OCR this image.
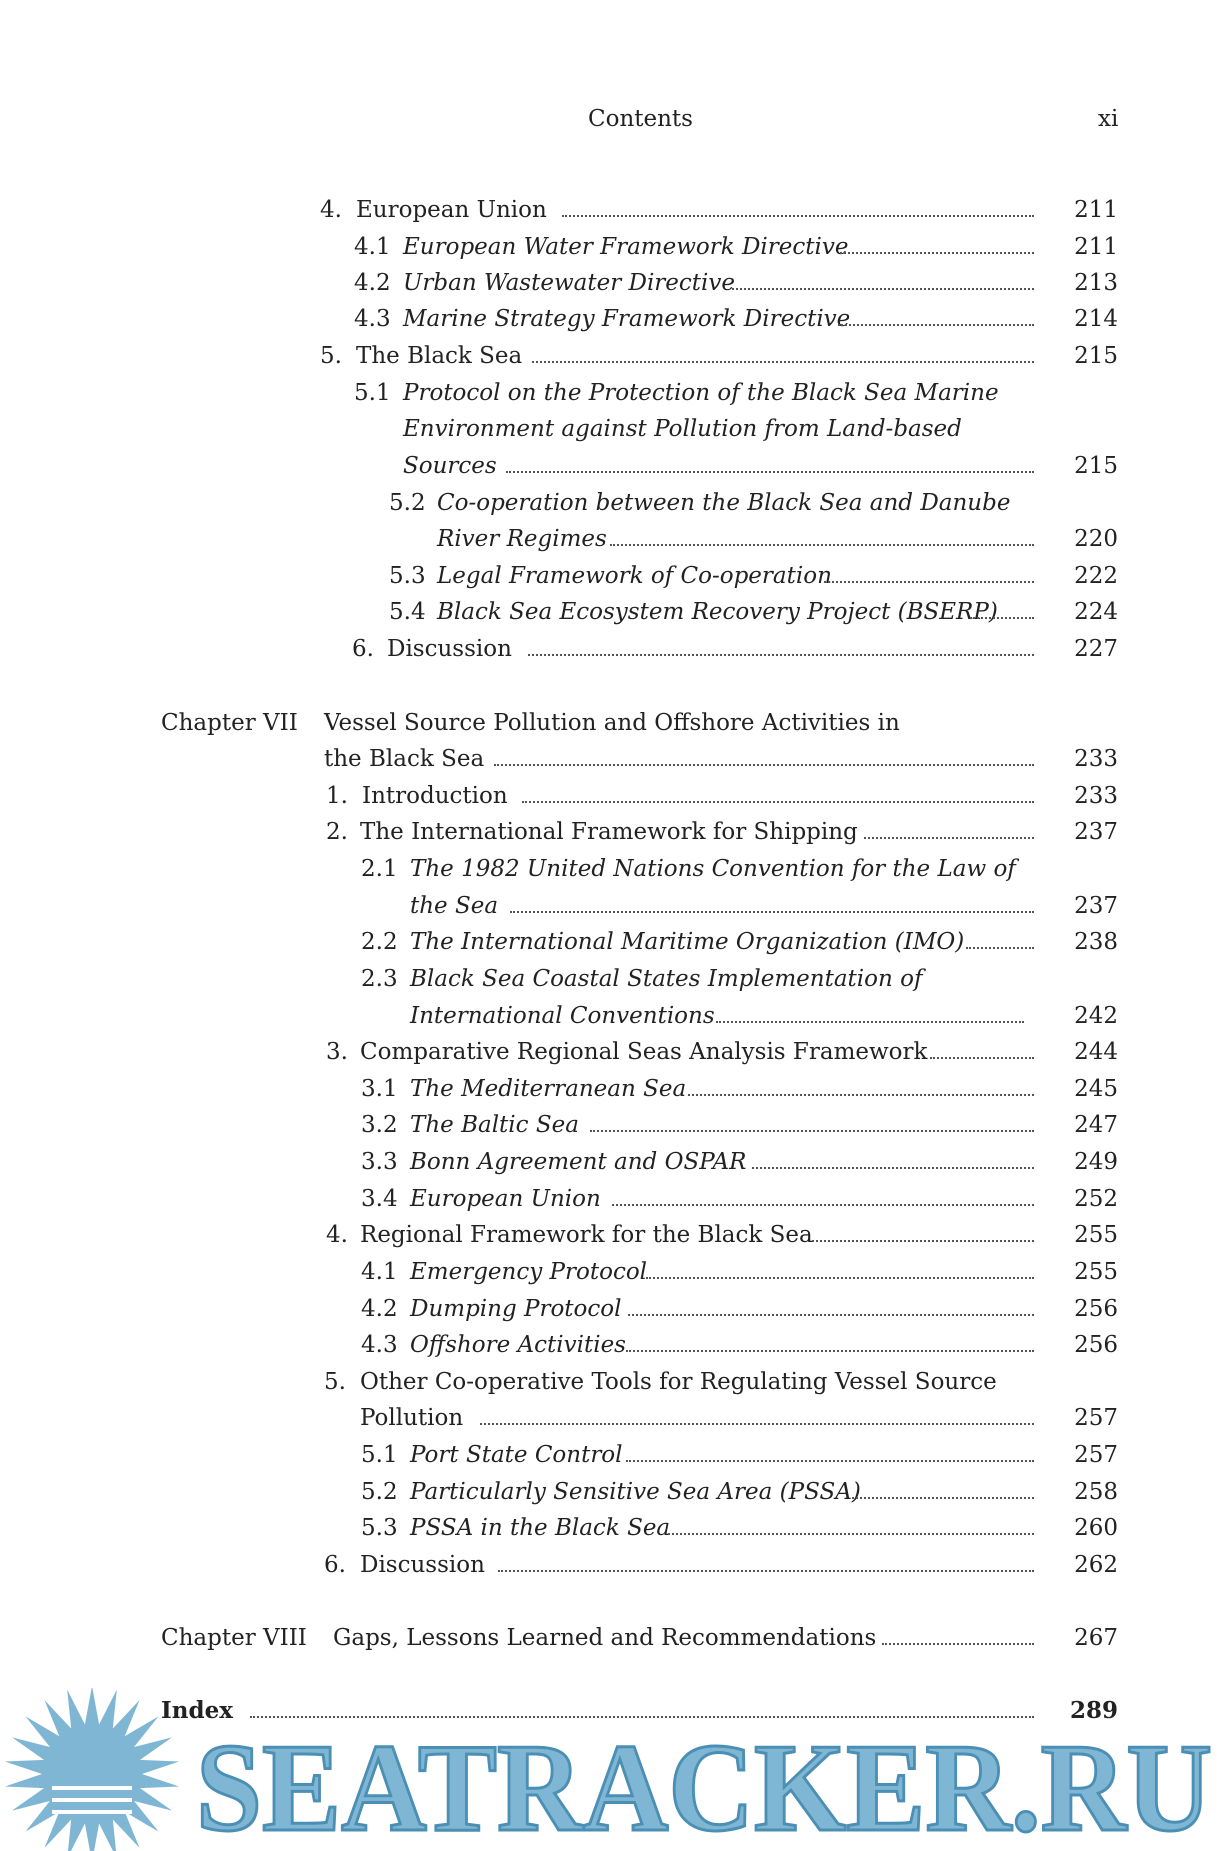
Contents	xi
4. European Union	211
4.1 European Water Framework Directive	211
4.2 Urban Wastewater Directive	213
4.3 Marine Strategy Framework Directive	214
5. The Black Sea	215
5.1 Protocol on the Protection of the Black Sea Marine
Environment against Pollution from Land-based
Sources	215
5.2 Co-operation between the Black Sea and Danube
River Regimes	220
5.3 Legal Framework of Co-operation	222
5.4 Black Sea Ecosystem Recovery Project (BSERP)	224
6. Discussion	227
Chapter VII Vessel Source Pollution and Offshore Activities in
the Black Sea	233
1. Introduction	233
2. The International Framework for Shipping	237
2.1 The 1982 United Nations Convention for the Law of
the Sea	237
2.2 The International Maritime Organization (IMO)	238
2.3 Black Sea Coastal States Implementation of
International Conventions	242
3. Comparative Regional Seas Analysis Framework	244
3.1 The Mediterranean Sea	245
3.2 The Baltic Sea	247
3.3 Bonn Agreement and OSPAR	249
3.4 European Union	252
4. Regional Framework for the Black Sea	255
4.1 Emergency Protocol	255
4.2 Dumping Protocol	256
4.3 Offshore Activities	256
5. Other Co-operative Tools for Regulating Vessel Source
Pollution	257
5.1 Port State Control	257
5.2 Particularly Sensitive Sea Area (PSSA)	258
5.3 PSSA in the Black Sea	260
6. Discussion	262
Chapter VIII Gaps, Lessons Learned and Recommendations	267
Index	289
SEATRACKER.RU
